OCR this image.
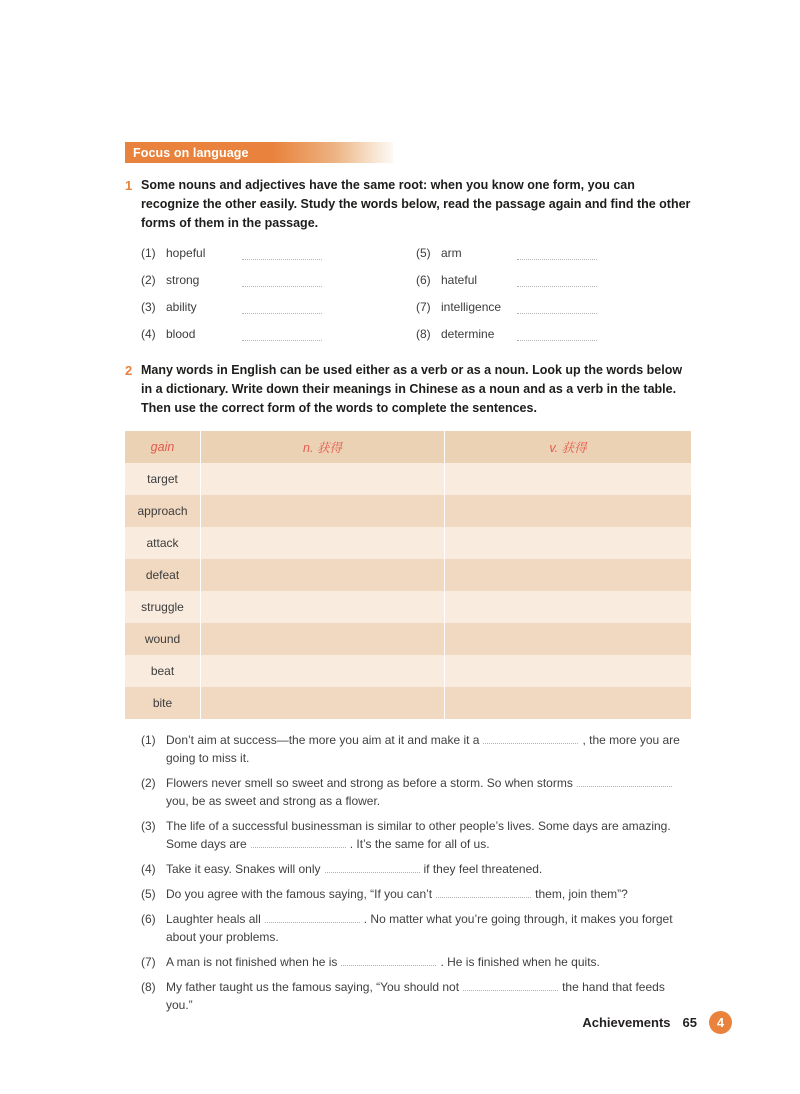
Focus on language
1 Some nouns and adjectives have the same root: when you know one form, you can recognize the other easily. Study the words below, read the passage again and find the other forms of them in the passage.

(1) hopeful
(2) strong
(3) ability
(4) blood
(5) arm
(6) hateful
(7) intelligence
(8) determine
2 Many words in English can be used either as a verb or as a noun. Look up the words below in a dictionary. Write down their meanings in Chinese as a noun and as a verb in the table. Then use the correct form of the words to complete the sentences.

gain	n. 获得	v. 获得
target
approach
attack
defeat
struggle
wound
beat
bite
(1) Don’t aim at success—the more you aim at it and make it a	, the more you are going to miss it.
(2) Flowers never smell so sweet and strong as before a storm. So when stormsyou, be as sweet and strong as a flower.
(3) The life of a successful businessman is similar to other people’s lives. Some days are amazing. Some days are	. It’s the same for all of us.
(4) Take it easy. Snakes will only	if they feel threatened.
(5) Do you agree with the famous saying, “If you can’t	them, join them”?
(6) Laughter heals all	. No matter what you’re going through, it makes you forget about your problems.
(7) A man is not finished when he is	. He is finished when he quits.
(8) My father taught us the famous saying, “You should not	the hand that feeds you.”
Achievements 65	4
